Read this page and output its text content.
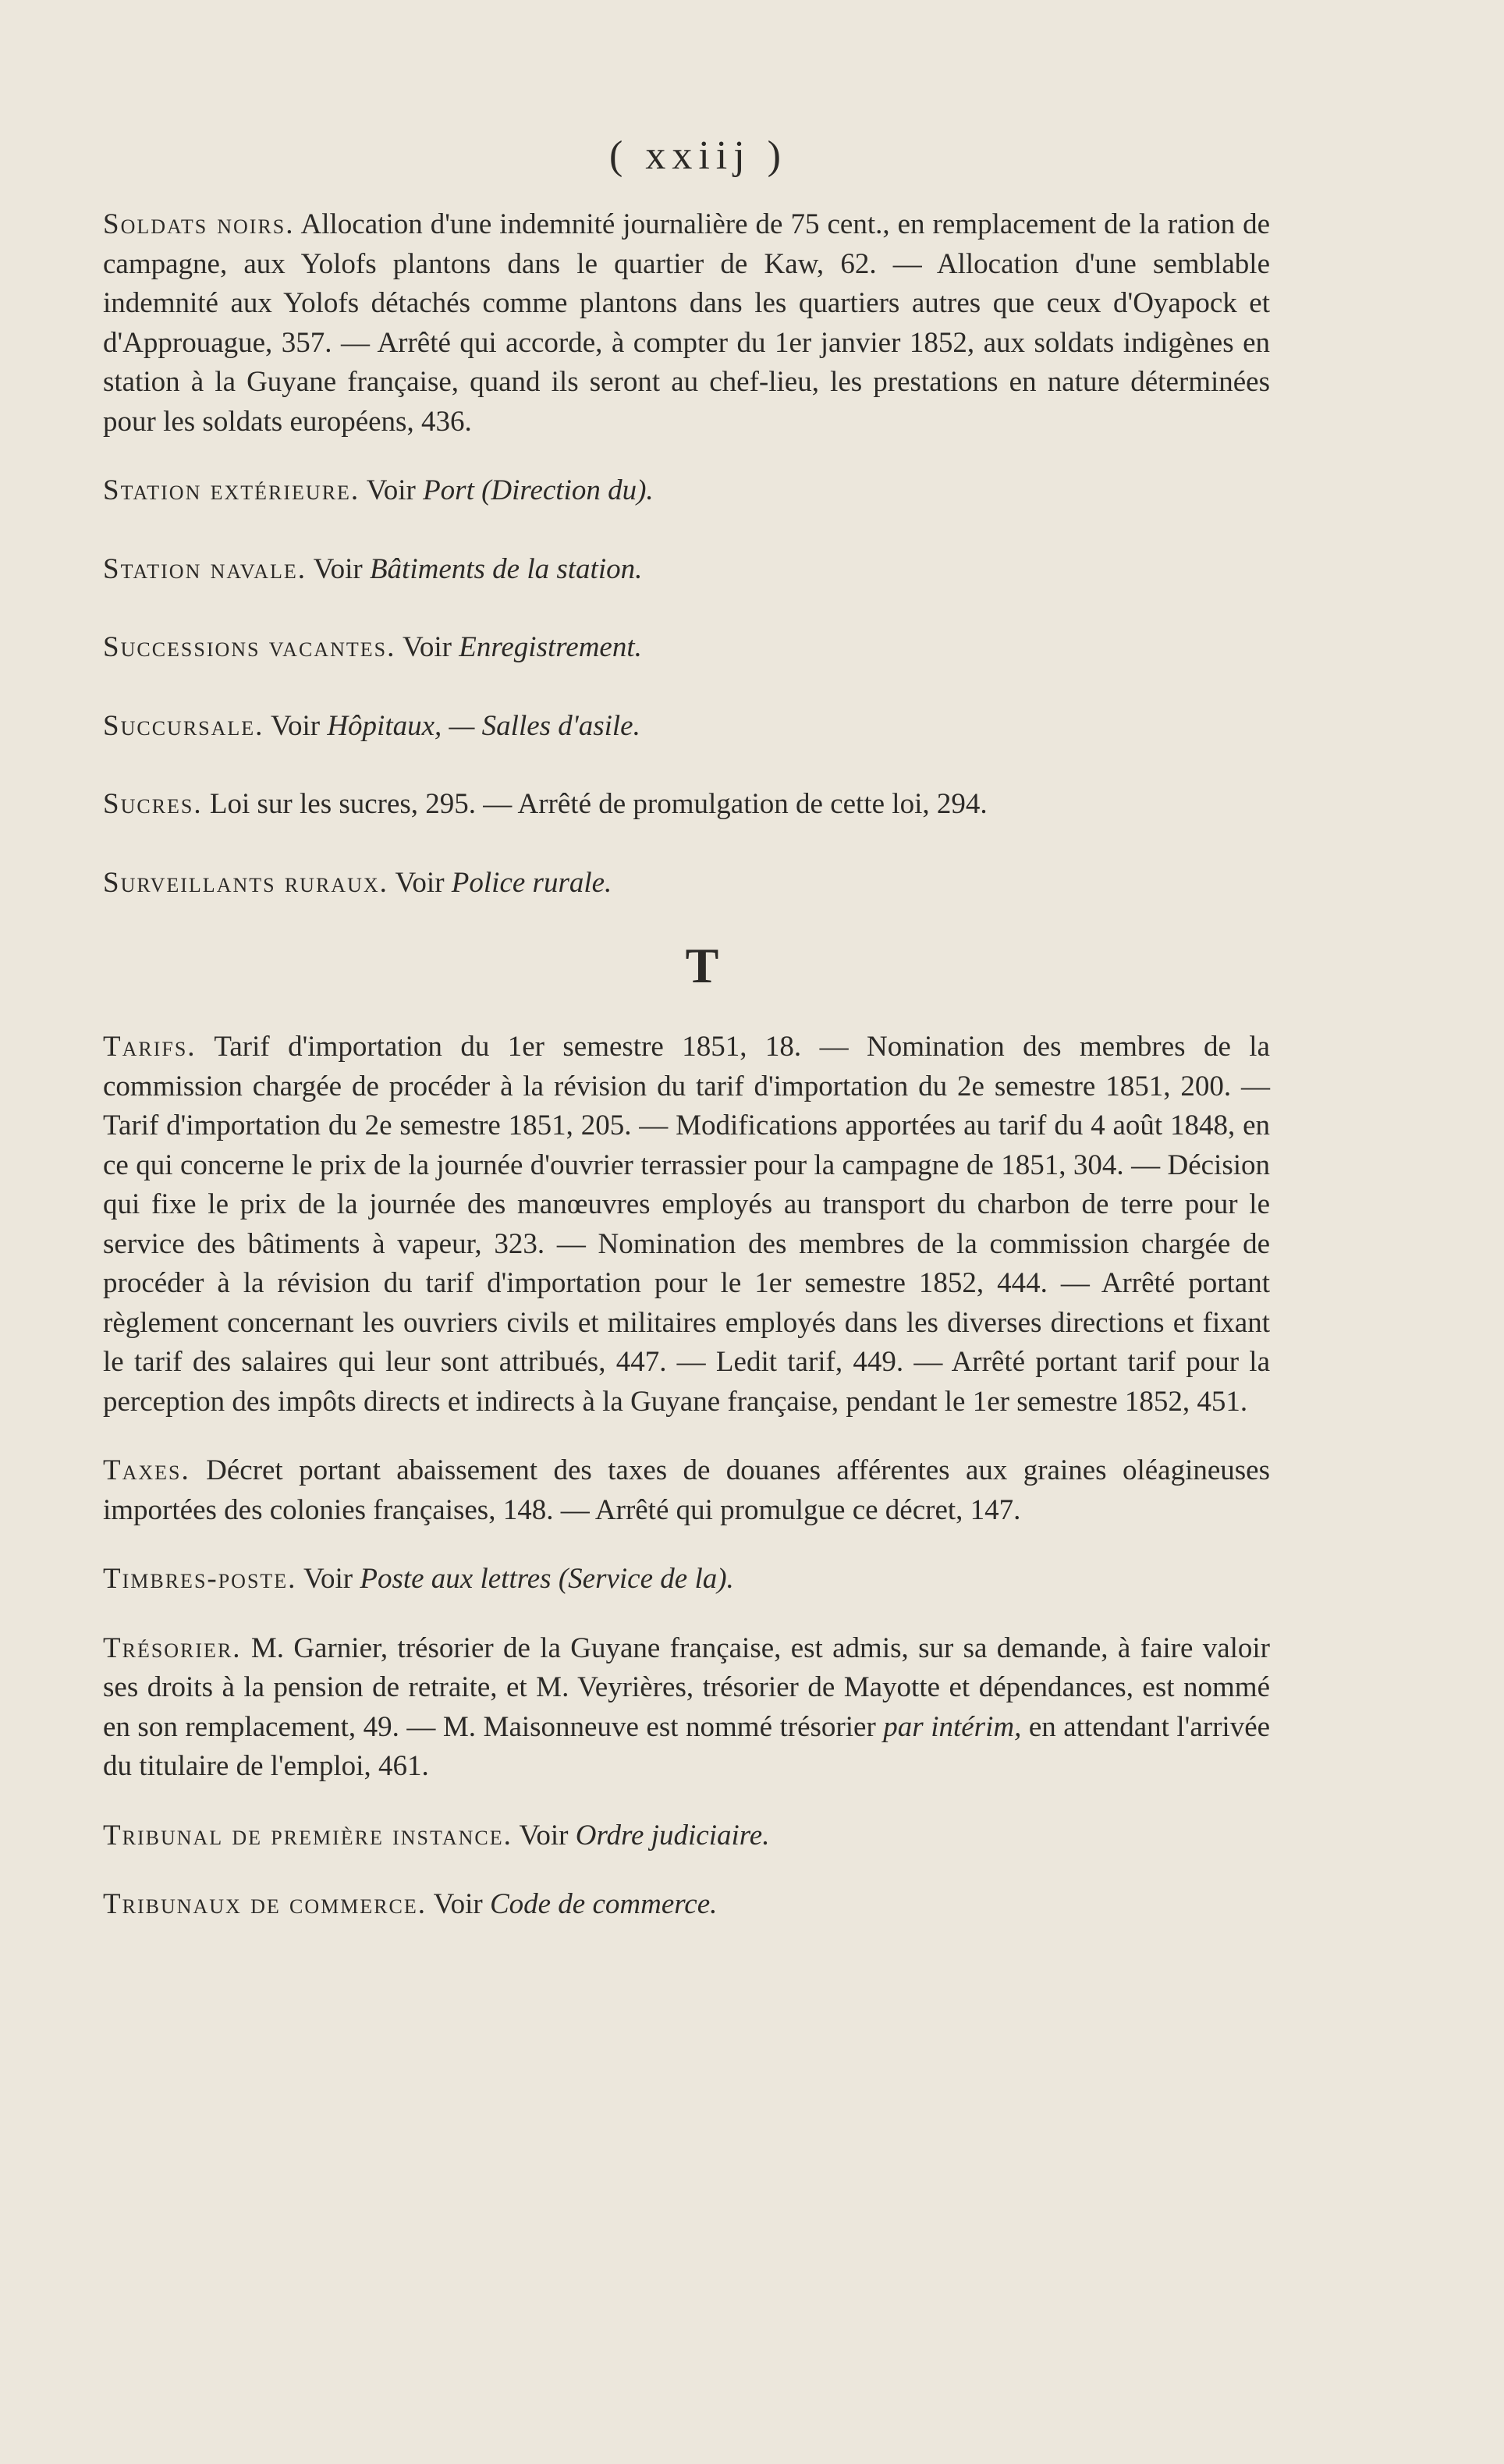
( xxiij )

Soldats noirs. Allocation d'une indemnité journalière de 75 cent., en remplacement de la ration de campagne, aux Yolofs plantons dans le quartier de Kaw, 62. — Allocation d'une semblable indemnité aux Yolofs détachés comme plantons dans les quartiers autres que ceux d'Oyapock et d'Approuague, 357. — Arrêté qui accorde, à compter du 1er janvier 1852, aux soldats indigènes en station à la Guyane française, quand ils seront au chef-lieu, les prestations en nature déterminées pour les soldats européens, 436.

Station extérieure. Voir Port (Direction du).

Station navale. Voir Bâtiments de la station.

Successions vacantes. Voir Enregistrement.

Succursale. Voir Hôpitaux, — Salles d'asile.

Sucres. Loi sur les sucres, 295. — Arrêté de promulgation de cette loi, 294.

Surveillants ruraux. Voir Police rurale.

T

Tarifs. Tarif d'importation du 1er semestre 1851, 18. — Nomination des membres de la commission chargée de procéder à la révision du tarif d'importation du 2e semestre 1851, 200. — Tarif d'importation du 2e semestre 1851, 205. — Modifications apportées au tarif du 4 août 1848, en ce qui concerne le prix de la journée d'ouvrier terrassier pour la campagne de 1851, 304. — Décision qui fixe le prix de la journée des manœuvres employés au transport du charbon de terre pour le service des bâtiments à vapeur, 323. — Nomination des membres de la commission chargée de procéder à la révision du tarif d'importation pour le 1er semestre 1852, 444. — Arrêté portant règlement concernant les ouvriers civils et militaires employés dans les diverses directions et fixant le tarif des salaires qui leur sont attribués, 447. — Ledit tarif, 449. — Arrêté portant tarif pour la perception des impôts directs et indirects à la Guyane française, pendant le 1er semestre 1852, 451.

Taxes. Décret portant abaissement des taxes de douanes afférentes aux graines oléagineuses importées des colonies françaises, 148. — Arrêté qui promulgue ce décret, 147.

Timbres-poste. Voir Poste aux lettres (Service de la).

Trésorier. M. Garnier, trésorier de la Guyane française, est admis, sur sa demande, à faire valoir ses droits à la pension de retraite, et M. Veyrières, trésorier de Mayotte et dépendances, est nommé en son remplacement, 49. — M. Maisonneuve est nommé trésorier par intérim, en attendant l'arrivée du titulaire de l'emploi, 461.

Tribunal de première instance. Voir Ordre judiciaire.

Tribunaux de commerce. Voir Code de commerce.
